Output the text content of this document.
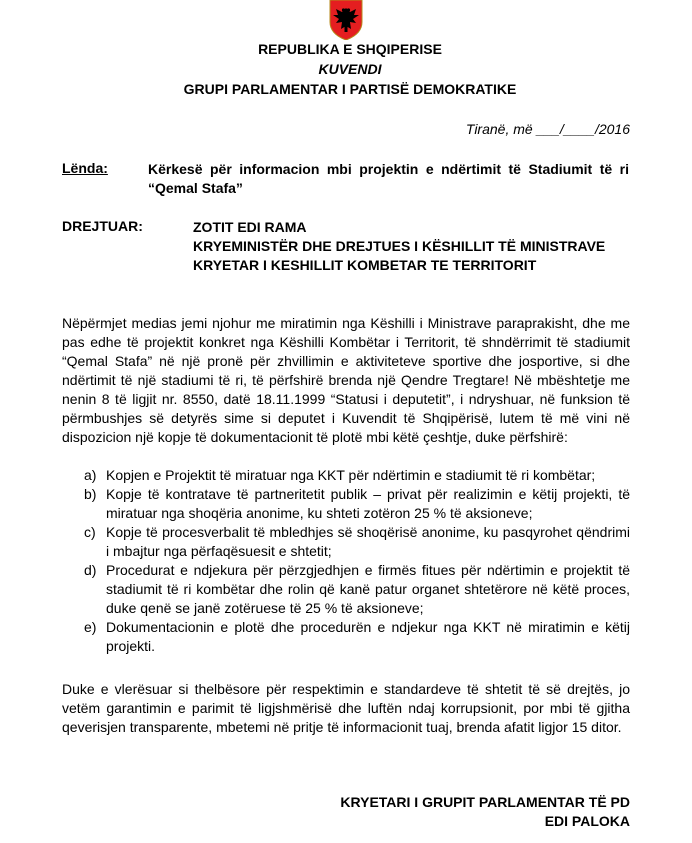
REPUBLIKA E SHQIPERISE
KUVENDI
GRUPI PARLAMENTAR I PARTISË DEMOKRATIKE
Tiranë, më ___/____/2016
Lënda:	Kërkesë për informacion mbi projektin e ndërtimit të Stadiumit të ri “Qemal Stafa”
DREJTUAR:	ZOTIT EDI RAMA
KRYEMINISTËR DHE DREJTUES I KËSHILLIT TË MINISTRAVE
KRYETAR I KESHILLIT KOMBETAR TE TERRITORIT
Nëpërmjet medias jemi njohur me miratimin nga Këshilli i Ministrave paraprakisht, dhe me pas edhe të projektit konkret nga Këshilli Kombëtar i Territorit, të shndërrimit të stadiumit “Qemal Stafa” në një pronë për zhvillimin e aktiviteteve sportive dhe josportive, si dhe ndërtimit të një stadiumi të ri, të përfshirë brenda një Qendre Tregtare! Në mbështetje me nenin 8 të ligjit nr. 8550, datë 18.11.1999 “Statusi i deputetit”, i ndryshuar, në funksion të përmbushjes së detyrës sime si deputet i Kuvendit të Shqipërisë, lutem të më vini në dispozicion një kopje të dokumentacionit të plotë mbi këtë çeshtje, duke përfshirë:
a) Kopjen e Projektit të miratuar nga KKT për ndërtimin e stadiumit të ri kombëtar;
b) Kopje të kontratave të partneritetit publik – privat për realizimin e këtij projekti, të miratuar nga shoqëria anonime, ku shteti zotëron 25 % të aksioneve;
c) Kopje të procesverbalit të mbledhjes së shoqërisë anonime, ku pasqyrohet qëndrimi i mbajtur nga përfaqësuesit e shtetit;
d) Procedurat e ndjekura për përzgjedhjen e firmës fitues për ndërtimin e projektit të stadiumit të ri kombëtar dhe rolin që kanë patur organet shtetërore në këtë proces, duke qenë se janë zotëruese të 25 % të aksioneve;
e) Dokumentacionin e plotë dhe procedurën e ndjekur nga KKT në miratimin e këtij projekti.
Duke e vlerësuar si thelbësore për respektimin e standardeve të shtetit të së drejtës, jo vetëm garantimin e parimit të ligjshmërisë dhe luftën ndaj korrupsionit, por mbi të gjitha qeverisjen transparente, mbetemi në pritje të informacionit tuaj, brenda afatit ligjor 15 ditor.
KRYETARI I GRUPIT PARLAMENTAR TË PD
EDI PALOKA
